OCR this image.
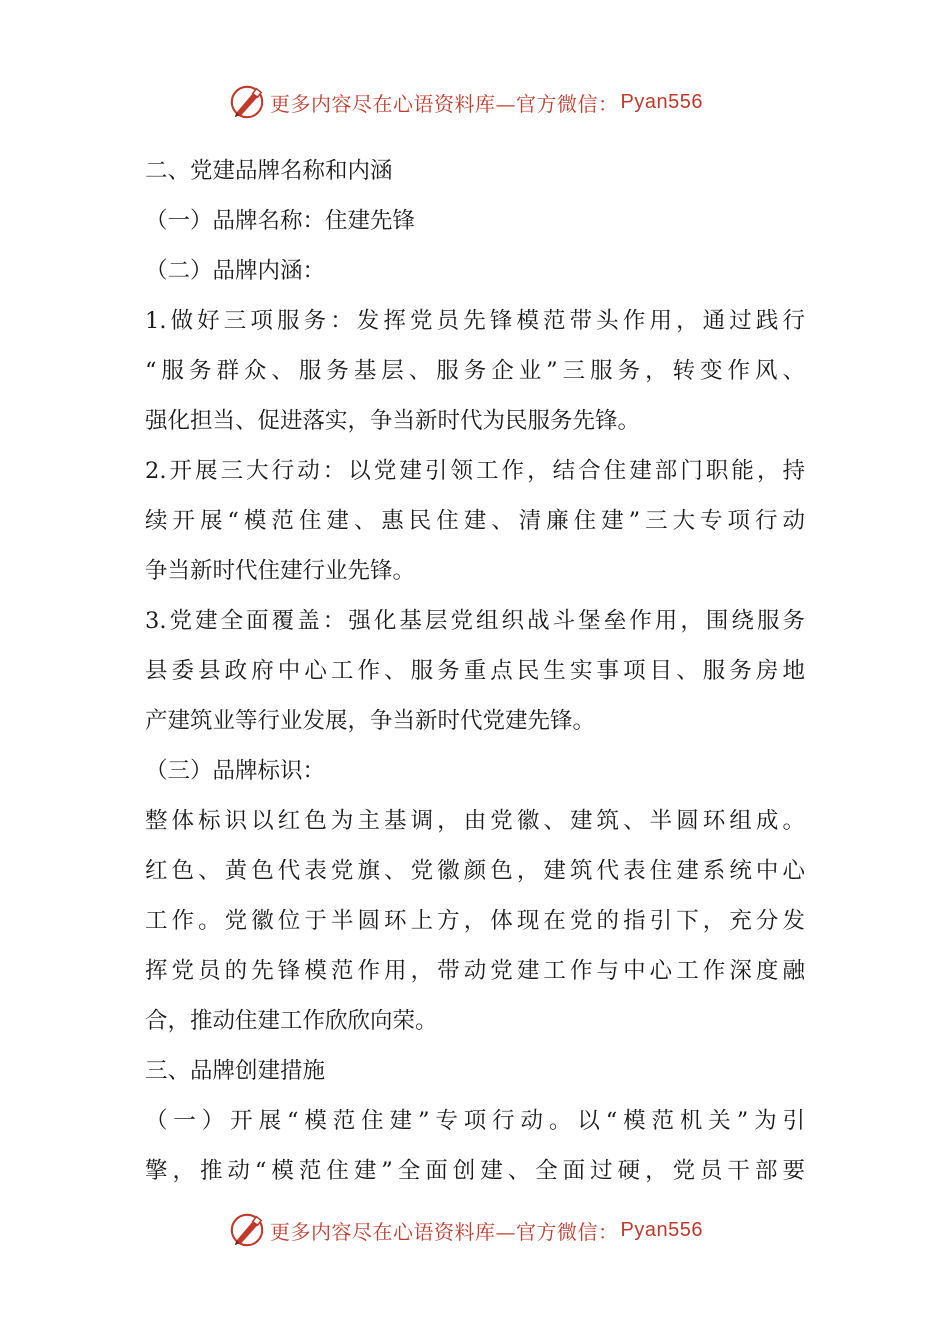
更多内容尽在心语资料库—官方微信： Pyan556
二、党建品牌名称和内涵
（一）品牌名称：住建先锋
（二）品牌内涵：
1.做好三项服务：发挥党员先锋模范带头作用，通过践行
“服务群众、服务基层、服务企业”三服务，转变作风、
强化担当、促进落实，争当新时代为民服务先锋。
2.开展三大行动：以党建引领工作，结合住建部门职能，持
续开展“模范住建、惠民住建、清廉住建”三大专项行动
争当新时代住建行业先锋。
3.党建全面覆盖：强化基层党组织战斗堡垒作用，围绕服务
县委县政府中心工作、服务重点民生实事项目、服务房地
产建筑业等行业发展，争当新时代党建先锋。
（三）品牌标识：
整体标识以红色为主基调，由党徽、建筑、半圆环组成。
红色、黄色代表党旗、党徽颜色，建筑代表住建系统中心
工作。党徽位于半圆环上方，体现在党的指引下，充分发
挥党员的先锋模范作用，带动党建工作与中心工作深度融
合，推动住建工作欣欣向荣。
三、品牌创建措施
（一）开展“模范住建”专项行动。以“模范机关”为引
擎，推动“模范住建”全面创建、全面过硬，党员干部要
更多内容尽在心语资料库—官方微信： Pyan556
